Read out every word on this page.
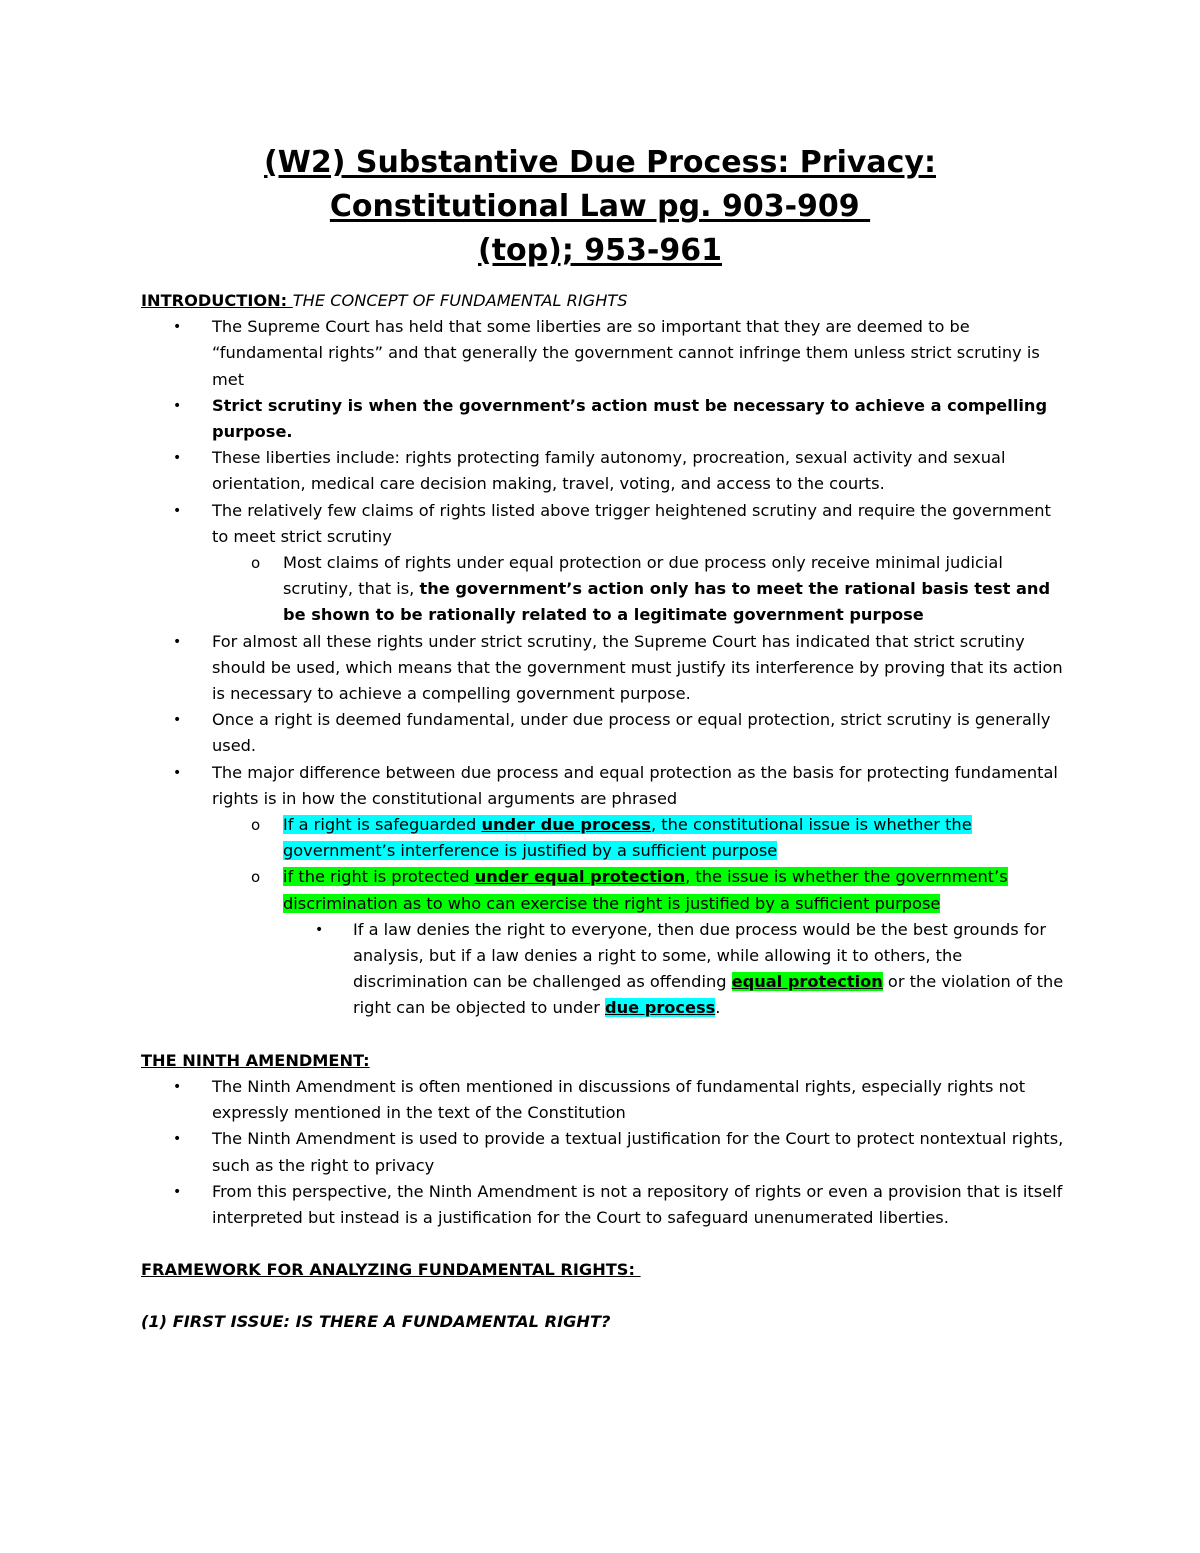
(W2) Substantive Due Process: Privacy:
Constitutional Law pg. 903-909
(top); 953-961
INTRODUCTION: THE CONCEPT OF FUNDAMENTAL RIGHTS
• The Supreme Court has held that some liberties are so important that they are deemed to be “fundamental rights” and that generally the government cannot infringe them unless strict scrutiny is met
• Strict scrutiny is when the government’s action must be necessary to achieve a compelling purpose.
• These liberties include: rights protecting family autonomy, procreation, sexual activity and sexual orientation, medical care decision making, travel, voting, and access to the courts.
• The relatively few claims of rights listed above trigger heightened scrutiny and require the government to meet strict scrutiny
o Most claims of rights under equal protection or due process only receive minimal judicial scrutiny, that is, the government’s action only has to meet the rational basis test and be shown to be rationally related to a legitimate government purpose
• For almost all these rights under strict scrutiny, the Supreme Court has indicated that strict scrutiny should be used, which means that the government must justify its interference by proving that its action is necessary to achieve a compelling government purpose.
• Once a right is deemed fundamental, under due process or equal protection, strict scrutiny is generally used.
• The major difference between due process and equal protection as the basis for protecting fundamental rights is in how the constitutional arguments are phrased
o If a right is safeguarded under due process, the constitutional issue is whether the government’s interference is justified by a sufficient purpose
o if the right is protected under equal protection, the issue is whether the government’s discrimination as to who can exercise the right is justified by a sufficient purpose
• If a law denies the right to everyone, then due process would be the best grounds for analysis, but if a law denies a right to some, while allowing it to others, the discrimination can be challenged as offending equal protection or the violation of the right can be objected to under due process.
THE NINTH AMENDMENT:
• The Ninth Amendment is often mentioned in discussions of fundamental rights, especially rights not expressly mentioned in the text of the Constitution
• The Ninth Amendment is used to provide a textual justification for the Court to protect nontextual rights, such as the right to privacy
• From this perspective, the Ninth Amendment is not a repository of rights or even a provision that is itself interpreted but instead is a justification for the Court to safeguard unenumerated liberties.
FRAMEWORK FOR ANALYZING FUNDAMENTAL RIGHTS:
(1) FIRST ISSUE: IS THERE A FUNDAMENTAL RIGHT?
